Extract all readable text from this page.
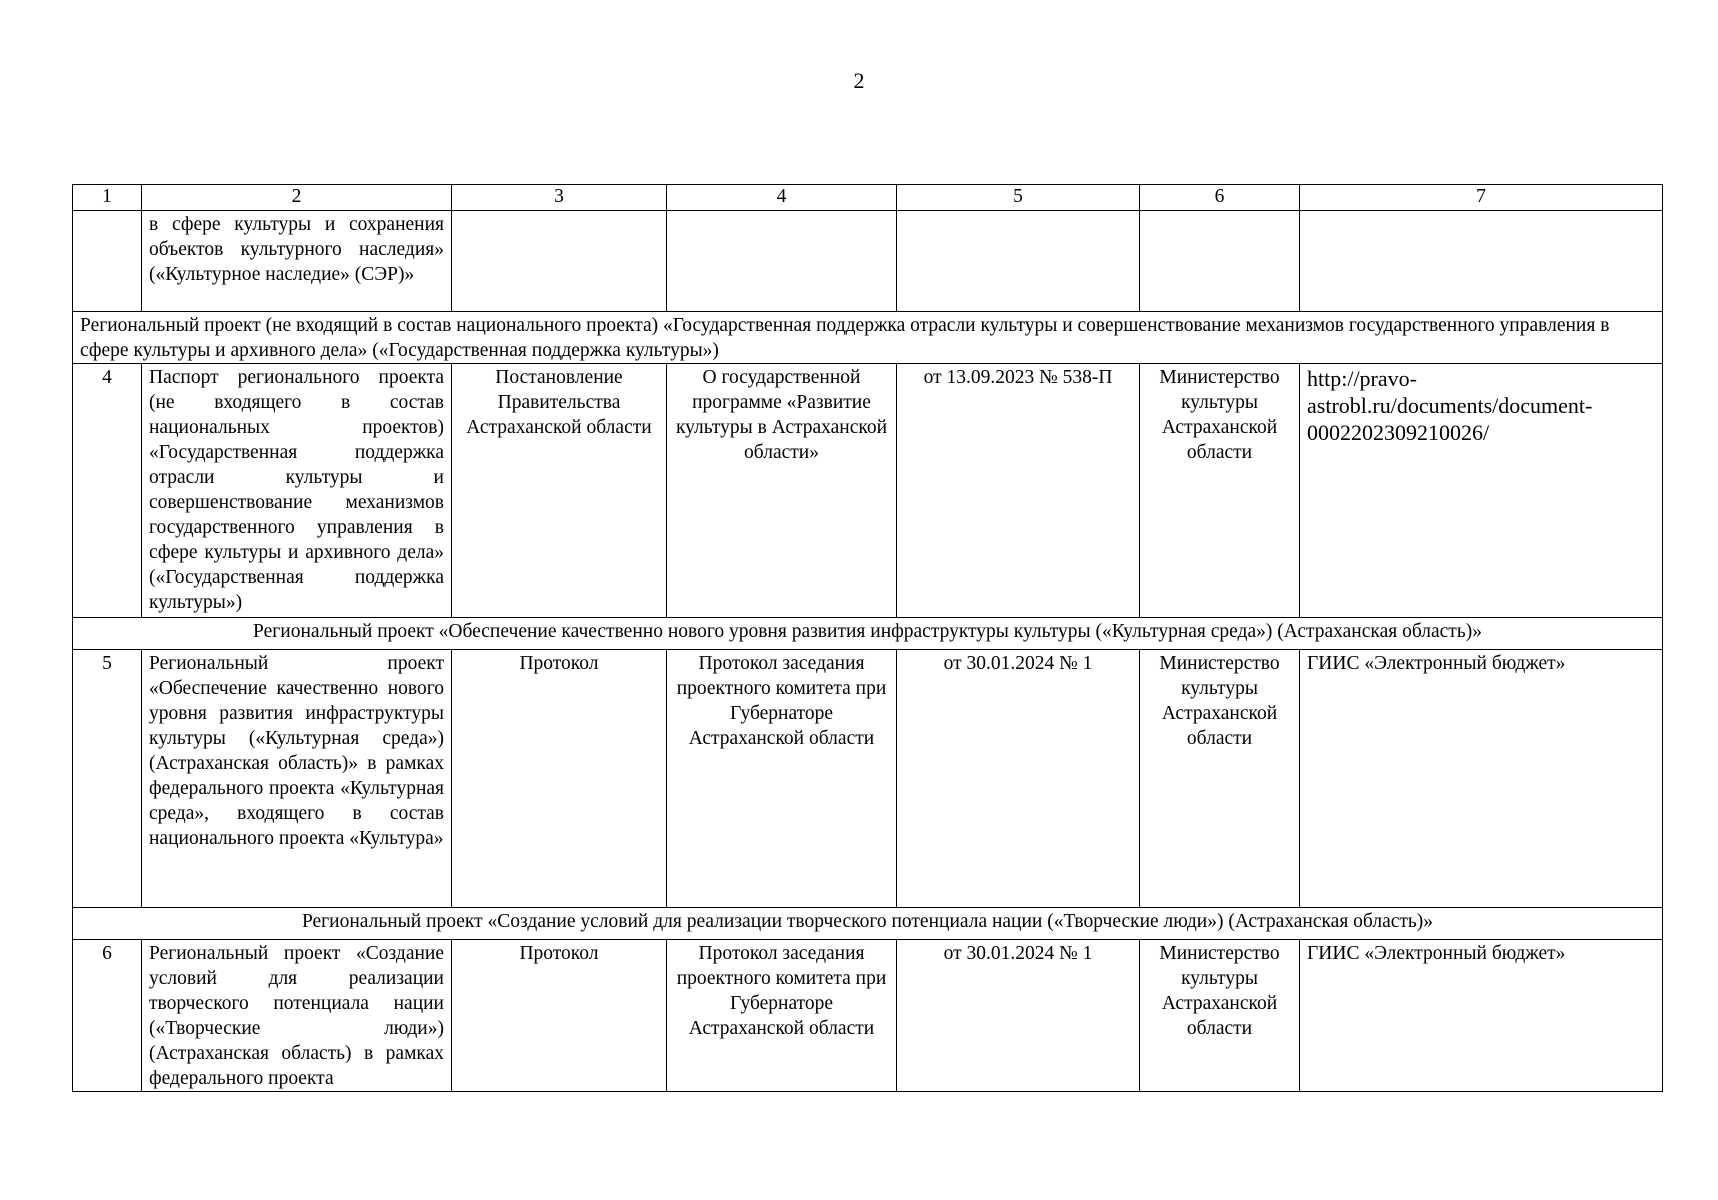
2
1	2	3	4	5	6	7
	в сфере культуры и сохранения объектов культурного наследия» («Культурное наследие» (СЭР)»					
Региональный проект (не входящий в состав национального проекта) «Государственная поддержка отрасли культуры и совершенствование механизмов государственного управления в сфере культуры и архивного дела» («Государственная поддержка культуры»)						
4	Паспорт регионального проекта (не входящего в состав национальных проектов) «Государственная поддержка отрасли культуры и совершенствование механизмов государственного управления в сфере культуры и архивного дела» («Государственная поддержка культуры»)	Постановление Правительства Астраханской области	О государственной программе «Развитие культуры в Астраханской области»	от 13.09.2023 № 538-П	Министерство культуры Астраханской области	http://pravo-astrobl.ru/documents/document-0002202309210026/
Региональный проект «Обеспечение качественно нового уровня развития инфраструктуры культуры («Культурная среда») (Астраханская область)»						
5	Региональный проект «Обеспечение качественно нового уровня развития инфраструктуры культуры («Культурная среда») (Астраханская область)» в рамках федерального проекта «Культурная среда», входящего в состав национального проекта «Культура»	Протокол	Протокол заседания проектного комитета при Губернаторе Астраханской области	от 30.01.2024 № 1	Министерство культуры Астраханской области	ГИИС «Электронный бюджет»
Региональный проект «Создание условий для реализации творческого потенциала нации («Творческие люди») (Астраханская область)»						
6	Региональный проект «Создание условий для реализации творческого потенциала нации («Творческие люди») (Астраханская область) в рамках федерального проекта	Протокол	Протокол заседания проектного комитета при Губернаторе Астраханской области	от 30.01.2024 № 1	Министерство культуры Астраханской области	ГИИС «Электронный бюджет»
